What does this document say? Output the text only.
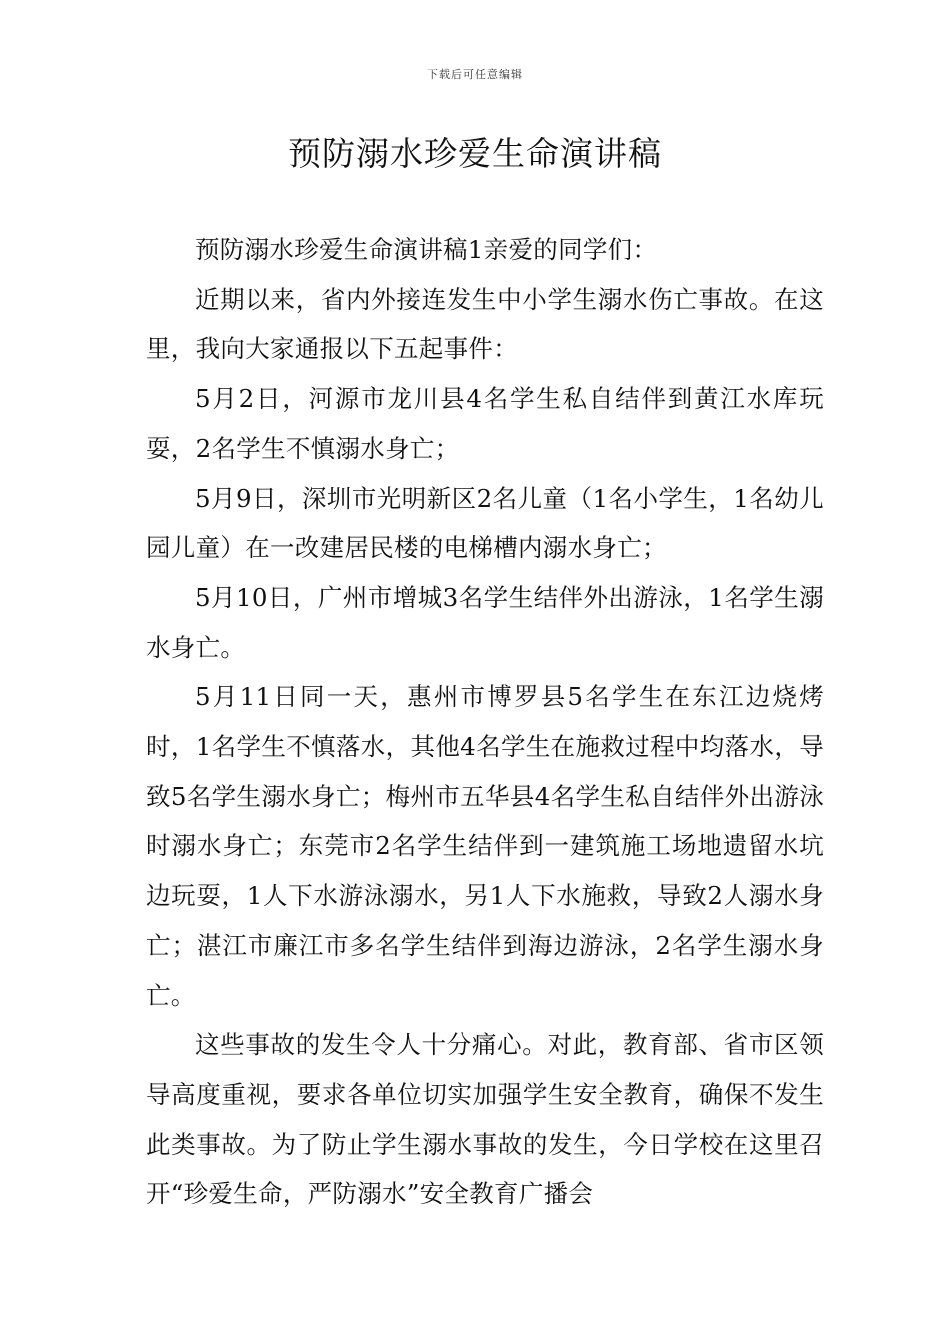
下载后可任意编辑
预防溺水珍爱生命演讲稿

预防溺水珍爱生命演讲稿1亲爱的同学们：

近期以来，省内外接连发生中小学生溺水伤亡事故。在这里，我向大家通报以下五起事件：

5月2日，河源市龙川县4名学生私自结伴到黄江水库玩耍，2名学生不慎溺水身亡；

5月9日，深圳市光明新区2名儿童（1名小学生，1名幼儿园儿童）在一改建居民楼的电梯槽内溺水身亡；

5月10日，广州市增城3名学生结伴外出游泳，1名学生溺水身亡。

5月11日同一天，惠州市博罗县5名学生在东江边烧烤时，1名学生不慎落水，其他4名学生在施救过程中均落水，导致5名学生溺水身亡；梅州市五华县4名学生私自结伴外出游泳时溺水身亡；东莞市2名学生结伴到一建筑施工场地遗留水坑边玩耍，1人下水游泳溺水，另1人下水施救，导致2人溺水身亡；湛江市廉江市多名学生结伴到海边游泳，2名学生溺水身亡。

这些事故的发生令人十分痛心。对此，教育部、省市区领导高度重视，要求各单位切实加强学生安全教育，确保不发生此类事故。为了防止学生溺水事故的发生，今日学校在这里召开“珍爱生命，严防溺水”安全教育广播会
